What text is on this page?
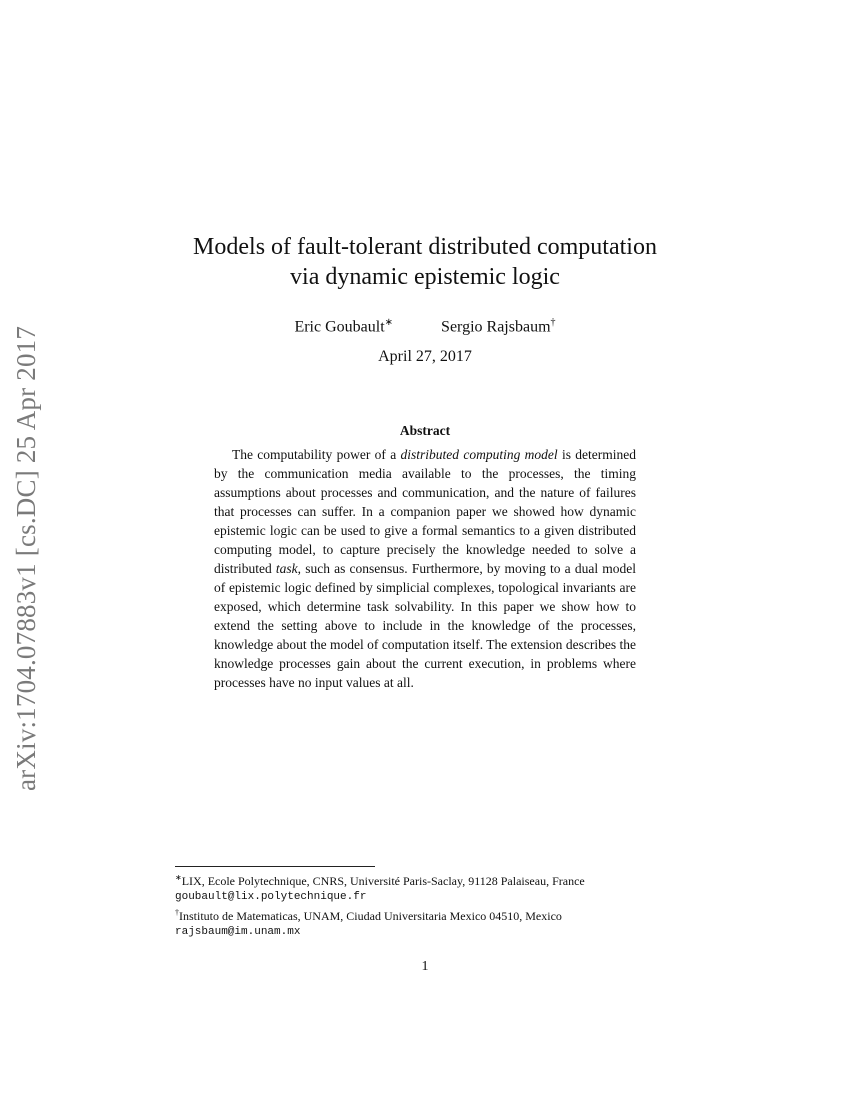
arXiv:1704.07883v1 [cs.DC] 25 Apr 2017
Models of fault-tolerant distributed computation
via dynamic epistemic logic
Eric Goubault∗	Sergio Rajsbaum†
April 27, 2017
Abstract
The computability power of a distributed computing model is determined by the communication media available to the processes, the timing assumptions about processes and communication, and the nature of failures that processes can suffer. In a companion paper we showed how dynamic epistemic logic can be used to give a formal semantics to a given distributed computing model, to capture precisely the knowledge needed to solve a distributed task, such as consensus. Furthermore, by moving to a dual model of epistemic logic defined by simplicial complexes, topological invariants are exposed, which determine task solvability. In this paper we show how to extend the setting above to include in the knowledge of the processes, knowledge about the model of computation itself. The extension describes the knowledge processes gain about the current execution, in problems where processes have no input values at all.
∗LIX, Ecole Polytechnique, CNRS, Université Paris-Saclay, 91128 Palaiseau, France
goubault@lix.polytechnique.fr
†Instituto de Matematicas, UNAM, Ciudad Universitaria Mexico 04510, Mexico
rajsbaum@im.unam.mx
1
